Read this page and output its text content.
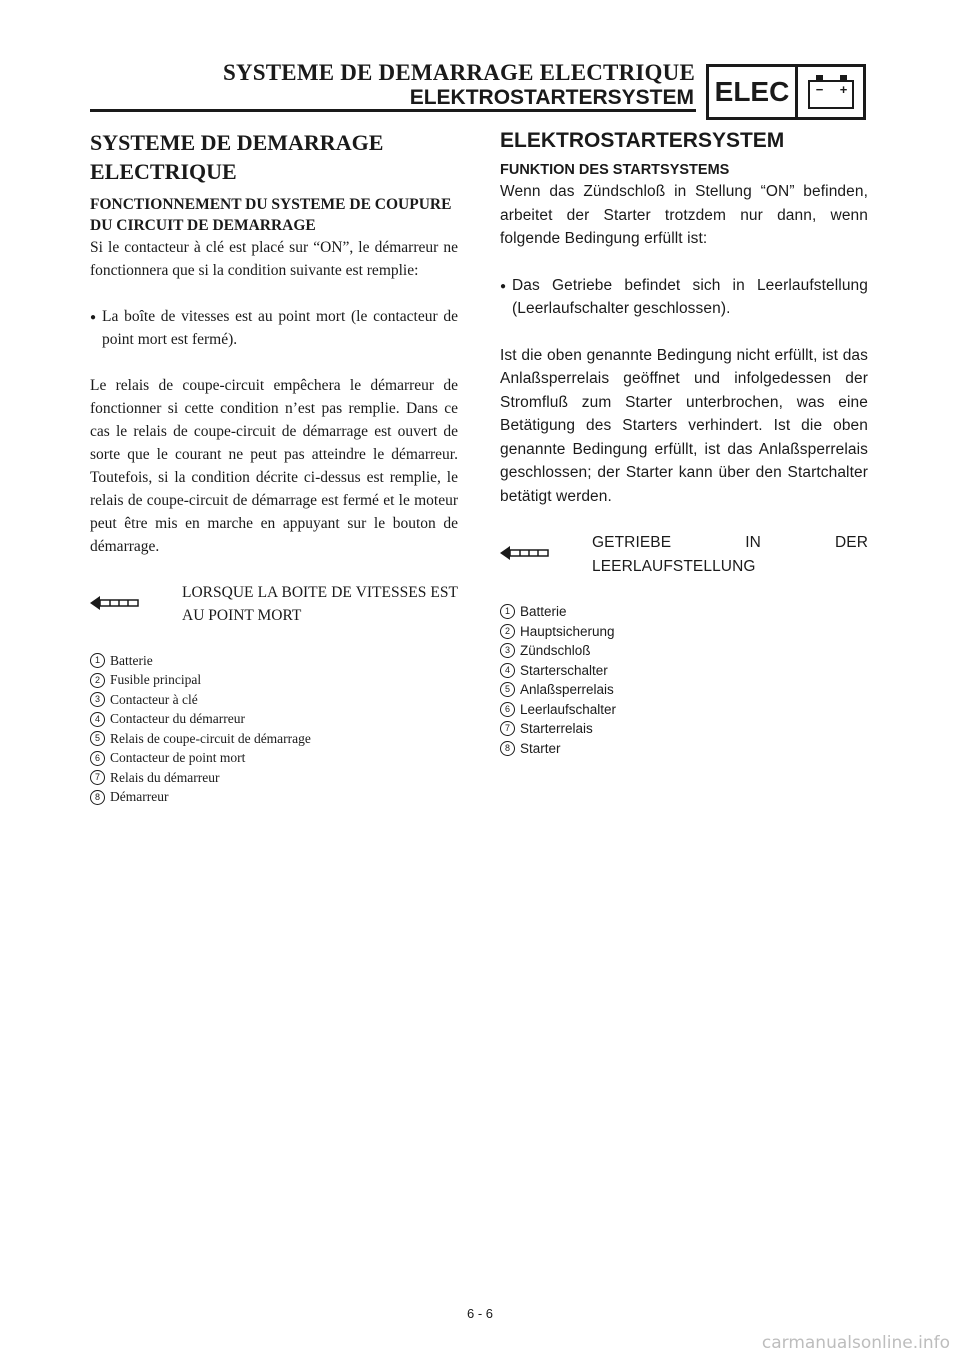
SYSTEME DE DEMARRAGE ELECTRIQUE
ELEKTROSTARTERSYSTEM ELEC	− +
SYSTEME DE DEMARRAGE ELECTRIQUE
FONCTIONNEMENT DU SYSTEME DE COUPURE DU CIRCUIT DE DEMARRAGE

Si le contacteur à clé est placé sur “ON”, le démarreur ne fonctionnera que si la condition suivante est remplie:

● La boîte de vitesses est au point mort (le contacteur de point mort est fermé).

Le relais de coupe-circuit empêchera le démarreur de fonctionner si cette condition n’est pas remplie. Dans ce cas le relais de coupe-circuit de démarrage est ouvert de sorte que le courant ne peut pas atteindre le démarreur. Toutefois, si la condition décrite ci-dessus est remplie, le relais de coupe-circuit de démarrage est fermé et le moteur peut être mis en marche en appuyant sur le bouton de démarrage.

LORSQUE LA BOITE DE VITESSES EST AU POINT MORT
1 Batterie
2 Fusible principal
3 Contacteur à clé
4 Contacteur du démarreur
5 Relais de coupe-circuit de démarrage
6 Contacteur de point mort
7 Relais du démarreur
8 Démarreur
ELEKTROSTARTERSYSTEM
FUNKTION DES STARTSYSTEMS

Wenn das Zündschloß in Stellung “ON” befinden, arbeitet der Starter trotzdem nur dann, wenn folgende Bedingung erfüllt ist:

● Das Getriebe befindet sich in Leerlaufstellung (Leerlaufschalter geschlossen).

Ist die oben genannte Bedingung nicht erfüllt, ist das Anlaßsperrelais geöffnet und infolgedessen der Stromfluß zum Starter unterbrochen, was eine Betätigung des Starters verhindert. Ist die oben genannte Bedingung erfüllt, ist das Anlaßsperrelais geschlossen; der Starter kann über den Startchalter betätigt werden.

GETRIEBE IN DER LEERLAUFSTELLUNG
1 Batterie
2 Hauptsicherung
3 Zündschloß
4 Starterschalter
5 Anlaßsperrelais
6 Leerlaufschalter
7 Starterrelais
8 Starter
6 - 6
carmanualsonline.info
